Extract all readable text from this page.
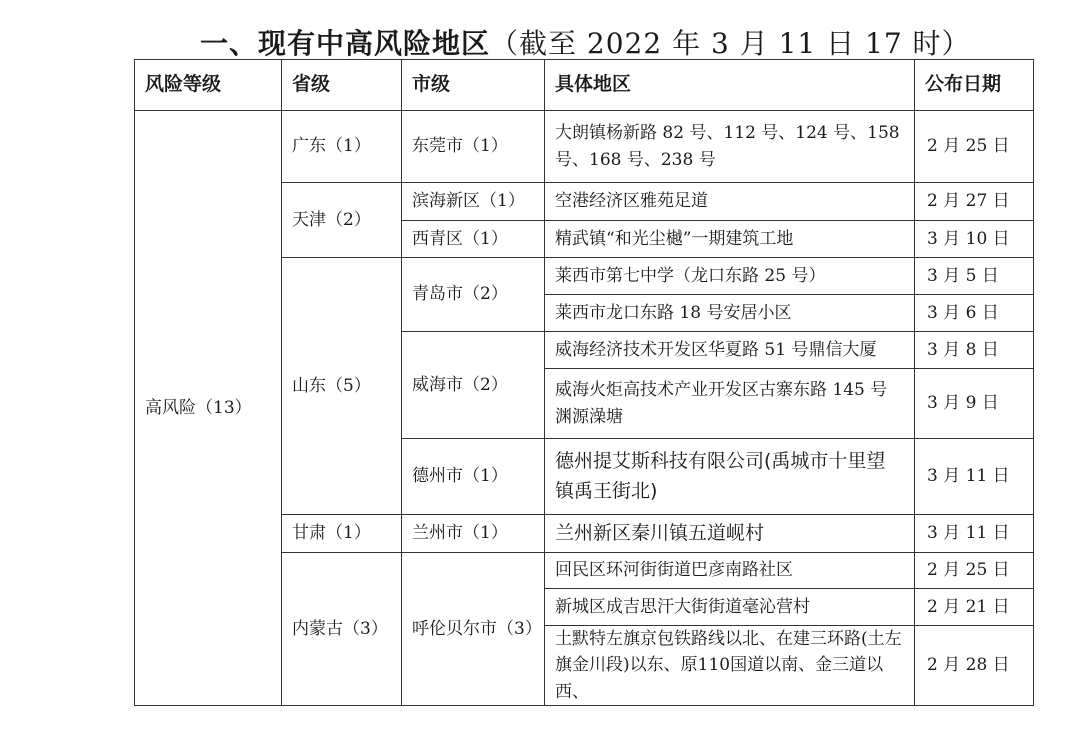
一、现有中高风险地区（截至 2022 年 3 月 11 日 17 时）
风险等级	省级	市级	具体地区	公布日期
高风险（13）	广东（1）	东莞市（1）	大朗镇杨新路 82 号、112 号、124 号、158 号、168 号、238 号	2 月 25 日
	天津（2）	滨海新区（1）	空港经济区雅苑足道	2 月 27 日
		西青区（1）	精武镇“和光尘樾”一期建筑工地	3 月 10 日
	山东（5）	青岛市（2）	莱西市第七中学（龙口东路 25 号）	3 月 5 日
			莱西市龙口东路 18 号安居小区	3 月 6 日
		威海市（2）	威海经济技术开发区华夏路 51 号鼎信大厦	3 月 8 日
			威海火炬高技术产业开发区古寨东路 145 号渊源澡塘	3 月 9 日
		德州市（1）	德州提艾斯科技有限公司(禹城市十里望镇禹王街北)	3 月 11 日
	甘肃（1）	兰州市（1）	兰州新区秦川镇五道岘村	3 月 11 日
	内蒙古（3）	呼伦贝尔市（3）	回民区环河街街道巴彦南路社区	2 月 25 日
			新城区成吉思汗大街街道毫沁营村	2 月 21 日
			土默特左旗京包铁路线以北、在建三环路(土左旗金川段)以东、原110国道以南、金三道以西、	2 月 28 日
